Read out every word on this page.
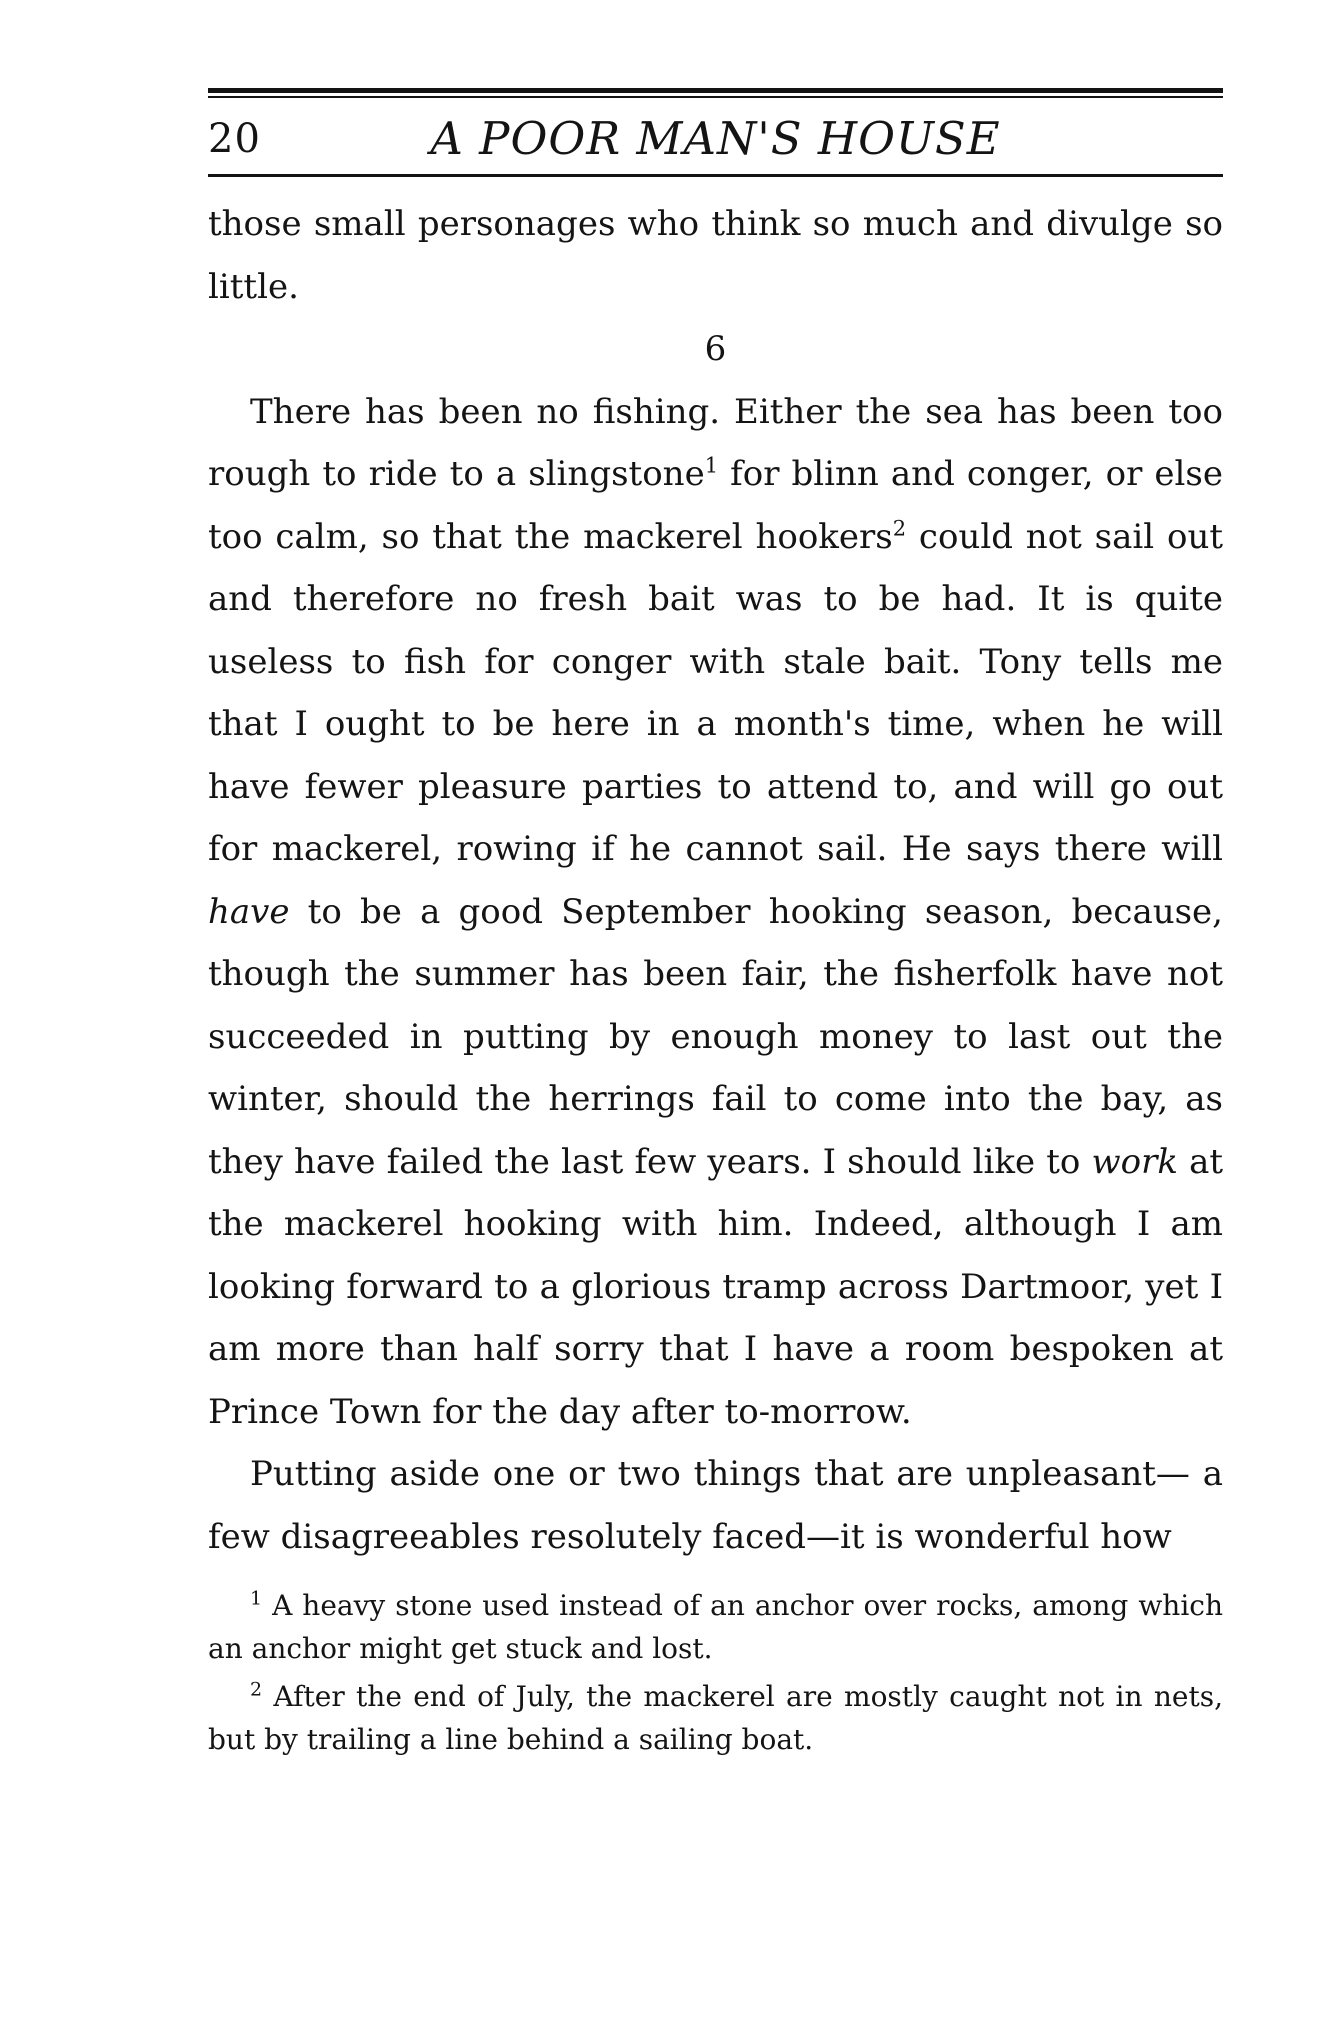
20	A POOR MAN'S HOUSE

those small personages who think so much and divulge so little.

6

There has been no fishing. Either the sea has been too rough to ride to a slingstone$^1$ for blinn and conger, or else too calm, so that the mackerel hookers$^2$ could not sail out and therefore no fresh bait was to be had. It is quite useless to fish for conger with stale bait. Tony tells me that I ought to be here in a month's time, when he will have fewer pleasure parties to attend to, and will go out for mackerel, rowing if he cannot sail. He says there will have to be a good September hooking season, because, though the summer has been fair, the fisherfolk have not succeeded in putting by enough money to last out the winter, should the herrings fail to come into the bay, as they have failed the last few years. I should like to work at the mackerel hooking with him. Indeed, although I am looking forward to a glorious tramp across Dartmoor, yet I am more than half sorry that I have a room bespoken at Prince Town for the day after to-morrow.

Putting aside one or two things that are unpleasant— a few disagreeables resolutely faced—it is wonderful how

$^1$ A heavy stone used instead of an anchor over rocks, among which an anchor might get stuck and lost.

$^2$ After the end of July, the mackerel are mostly caught not in nets, but by trailing a line behind a sailing boat.
